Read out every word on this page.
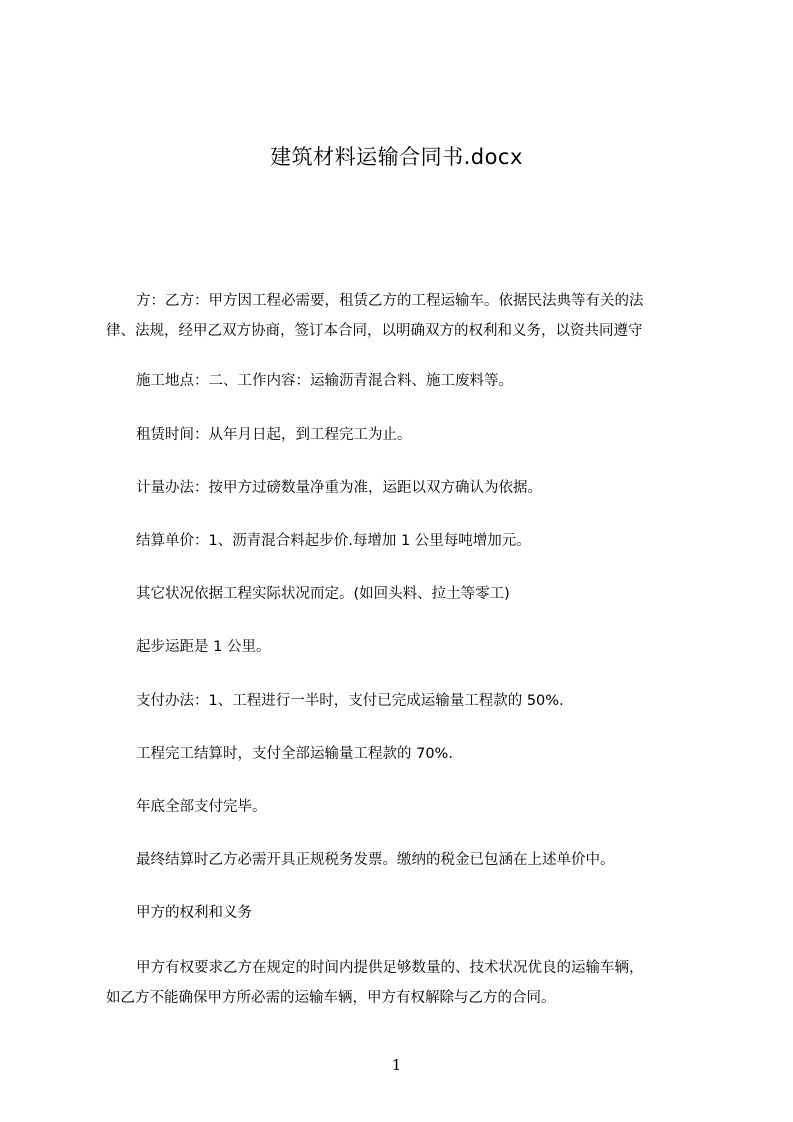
建筑材料运输合同书.docx
方：乙方：甲方因工程必需要，租赁乙方的工程运输车。依据民法典等有关的法
律、法规，经甲乙双方协商，签订本合同，以明确双方的权利和义务，以资共同遵守
施工地点：二、工作内容：运输沥青混合料、施工废料等。
租赁时间：从年月日起，到工程完工为止。
计量办法：按甲方过磅数量净重为准，运距以双方确认为依据。
结算单价：1、沥青混合料起步价.每增加 1 公里每吨增加元。
其它状况依据工程实际状况而定。(如回头料、拉土等零工)
起步运距是 1 公里。
支付办法：1、工程进行一半时，支付已完成运输量工程款的 50%.
工程完工结算时，支付全部运输量工程款的 70%.
年底全部支付完毕。
最终结算时乙方必需开具正规税务发票。缴纳的税金已包涵在上述单价中。
甲方的权利和义务
甲方有权要求乙方在规定的时间内提供足够数量的、技术状况优良的运输车辆，
如乙方不能确保甲方所必需的运输车辆，甲方有权解除与乙方的合同。
1
